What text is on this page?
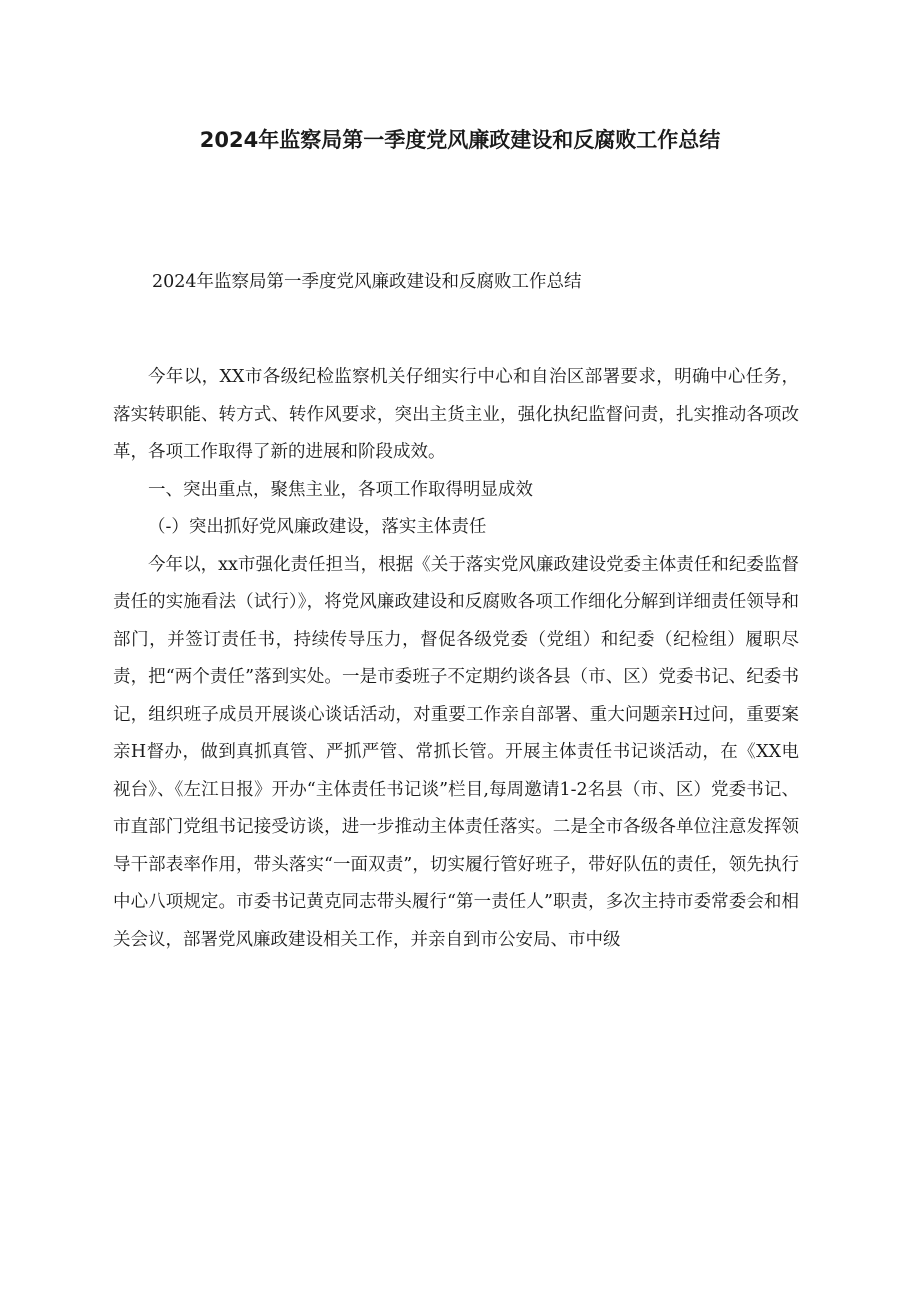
2024年监察局第一季度党风廉政建设和反腐败工作总结

2024年监察局第一季度党风廉政建设和反腐败工作总结

今年以，XX市各级纪检监察机关仔细实行中心和自治区部署要求，明确中心任务，落实转职能、转方式、转作风要求，突出主货主业，强化执纪监督问责，扎实推动各项改革，各项工作取得了新的进展和阶段成效。

一、突出重点，聚焦主业，各项工作取得明显成效

（-）突出抓好党风廉政建设，落实主体责任

今年以，xx市强化责任担当，根据《关于落实党风廉政建设党委主体责任和纪委监督责任的实施看法（试行）》，将党风廉政建设和反腐败各项工作细化分解到详细责任领导和部门，并签订责任书，持续传导压力，督促各级党委（党组）和纪委（纪检组）履职尽责，把“两个责任”落到实处。一是市委班子不定期约谈各县（市、区）党委书记、纪委书记，组织班子成员开展谈心谈话活动，对重要工作亲自部署、重大问题亲H过问，重要案亲H督办，做到真抓真管、严抓严管、常抓长管。开展主体责任书记谈活动，在《XX电视台》、《左江日报》开办“主体责任书记谈”栏目,每周邀请1-2名县（市、区）党委书记、市直部门党组书记接受访谈，进一步推动主体责任落实。二是全市各级各单位注意发挥领导干部表率作用，带头落实“一面双责”，切实履行管好班子，带好队伍的责任，领先执行中心八项规定。市委书记黄克同志带头履行“第一责任人”职责，多次主持市委常委会和相关会议，部署党风廉政建设相关工作，并亲自到市公安局、市中级
